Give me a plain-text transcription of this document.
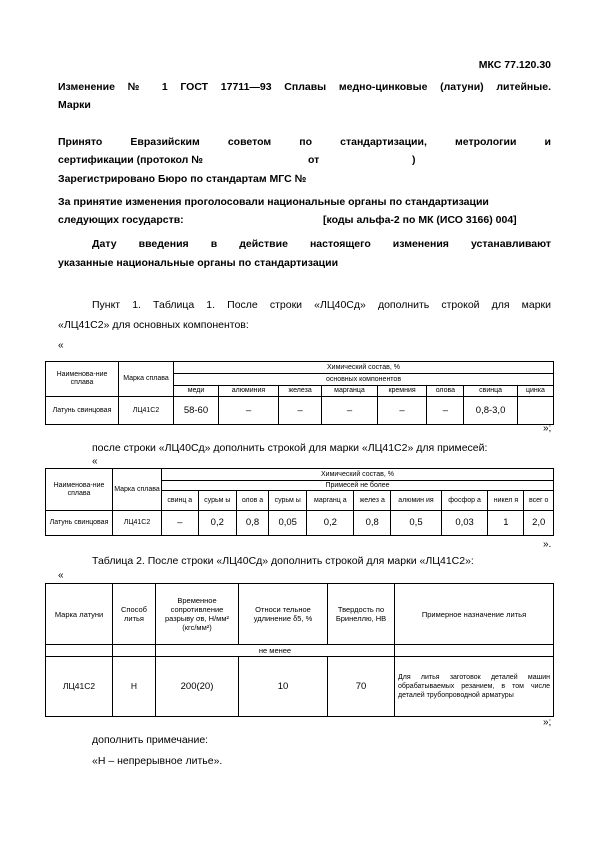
МКС 77.120.30
Изменение № 1 ГОСТ 17711—93 Сплавы медно-цинковые (латуни) литейные.
Марки
Принято Евразийским советом по стандартизации, метрологии и
сертификации (протокол №	от	)
Зарегистрировано Бюро по стандартам МГС №
За принятие изменения проголосовали национальные органы по стандартизации
следующих государств:	[коды альфа-2 по МК (ИСО 3166) 004]
Дату введения в действие настоящего изменения устанавливают
указанные национальные органы по стандартизации
Пункт 1. Таблица 1. После строки «ЛЦ40Сд» дополнить строкой для марки
«ЛЦ41С2» для основных компонентов:
«
Наименова-ние сплава	Марка сплава	Химический состав, %							
		основных компонентов							
		меди	алюминия	железа	марганца	кремния	олова	свинца	цинка
Латунь свинцовая	ЛЦ41С2	58-60	–	–	–	–	–	0,8-3,0	
»;
после строки «ЛЦ40Сд» дополнить строкой для марки «ЛЦ41С2» для примесей:
«
Наименова-ние сплава	Марка сплава	Химический состав, %									
		Примесей не более									
		свинц а	сурьм ы	олов а	сурьм ы	марганц а	желез а	алюмин ия	фосфор а	никел я	всег о
Латунь свинцовая	ЛЦ41С2	–	0,2	0,8	0,05	0,2	0,8	0,5	0,03	1	2,0
».
Таблица 2. После строки «ЛЦ40Сд» дополнить строкой для марки «ЛЦ41С2»:
«
Марка латуни	Способ литья	Временное сопротивление разрыву σв, Н/мм² (кгс/мм²)	Относи тельное удлинение δ5, %	Твердость по Бринеллю, НВ	Примерное назначение литья
		не менее			
ЛЦ41С2	Н	200(20)	10	70	Для литья заготовок деталей машин обрабатываемых резанием, в том числе деталей трубопроводной арматуры
»;
дополнить примечание:
«Н – непрерывное литье».
